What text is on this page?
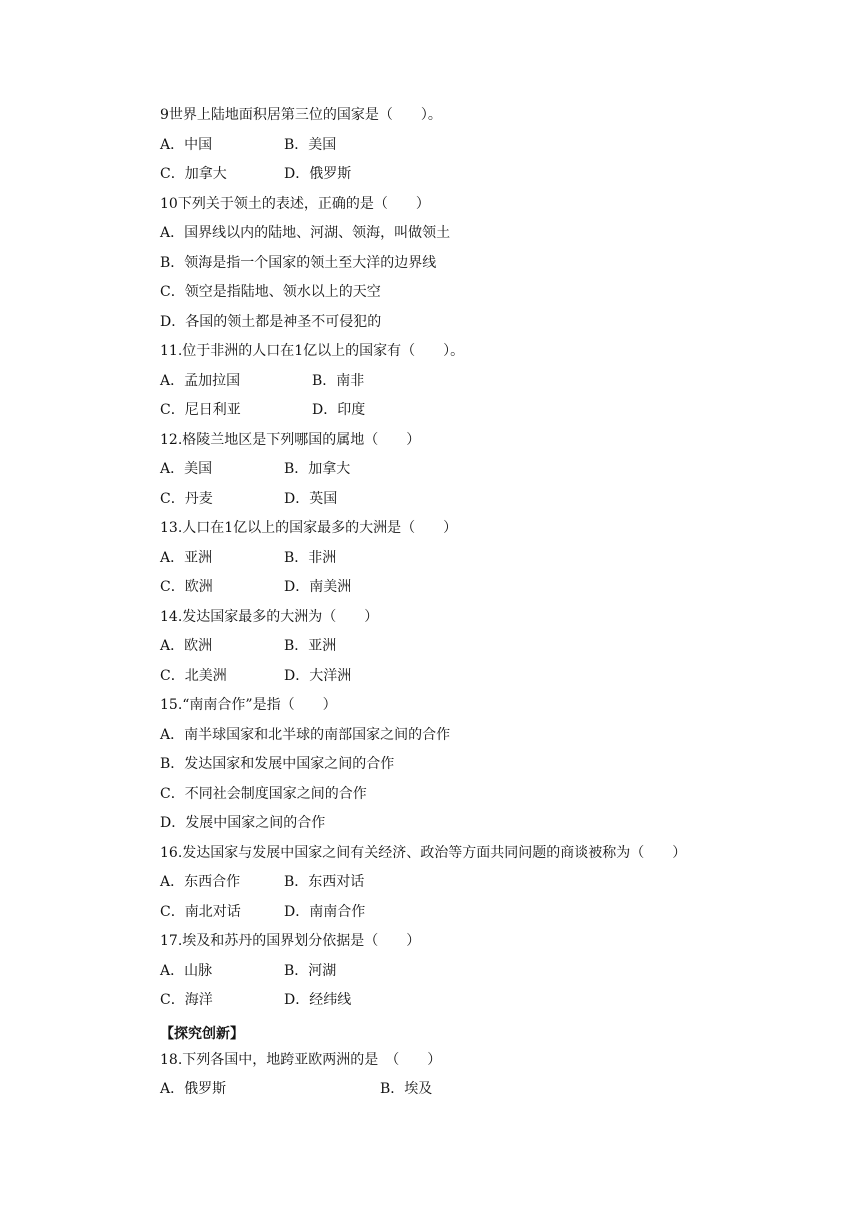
9世界上陆地面积居第三位的国家是（　　）。
A．中国	B．美国
C．加拿大	D．俄罗斯
10下列关于领土的表述，正确的是（　　）
A．国界线以内的陆地、河湖、领海，叫做领土
B．领海是指一个国家的领土至大洋的边界线
C．领空是指陆地、领水以上的天空
D．各国的领土都是神圣不可侵犯的
11.位于非洲的人口在1亿以上的国家有（　　）。
A．孟加拉国	B．南非
C．尼日利亚	D．印度
12.格陵兰地区是下列哪国的属地（　　）
A．美国	B．加拿大
C．丹麦	D．英国
13.人口在1亿以上的国家最多的大洲是（　　）
A．亚洲	B．非洲
C．欧洲	D．南美洲
14.发达国家最多的大洲为（　　）
A．欧洲	B．亚洲
C．北美洲	D．大洋洲
15.“南南合作”是指（　　）
A．南半球国家和北半球的南部国家之间的合作
B．发达国家和发展中国家之间的合作
C．不同社会制度国家之间的合作
D．发展中国家之间的合作
16.发达国家与发展中国家之间有关经济、政治等方面共同问题的商谈被称为（　　）
A．东西合作	B．东西对话
C．南北对话	D．南南合作
17.埃及和苏丹的国界划分依据是（　　）
A．山脉	B．河湖
C．海洋	D．经纬线
【探究创新】
18.下列各国中，地跨亚欧两洲的是　（　　）
A．俄罗斯	B．埃及
